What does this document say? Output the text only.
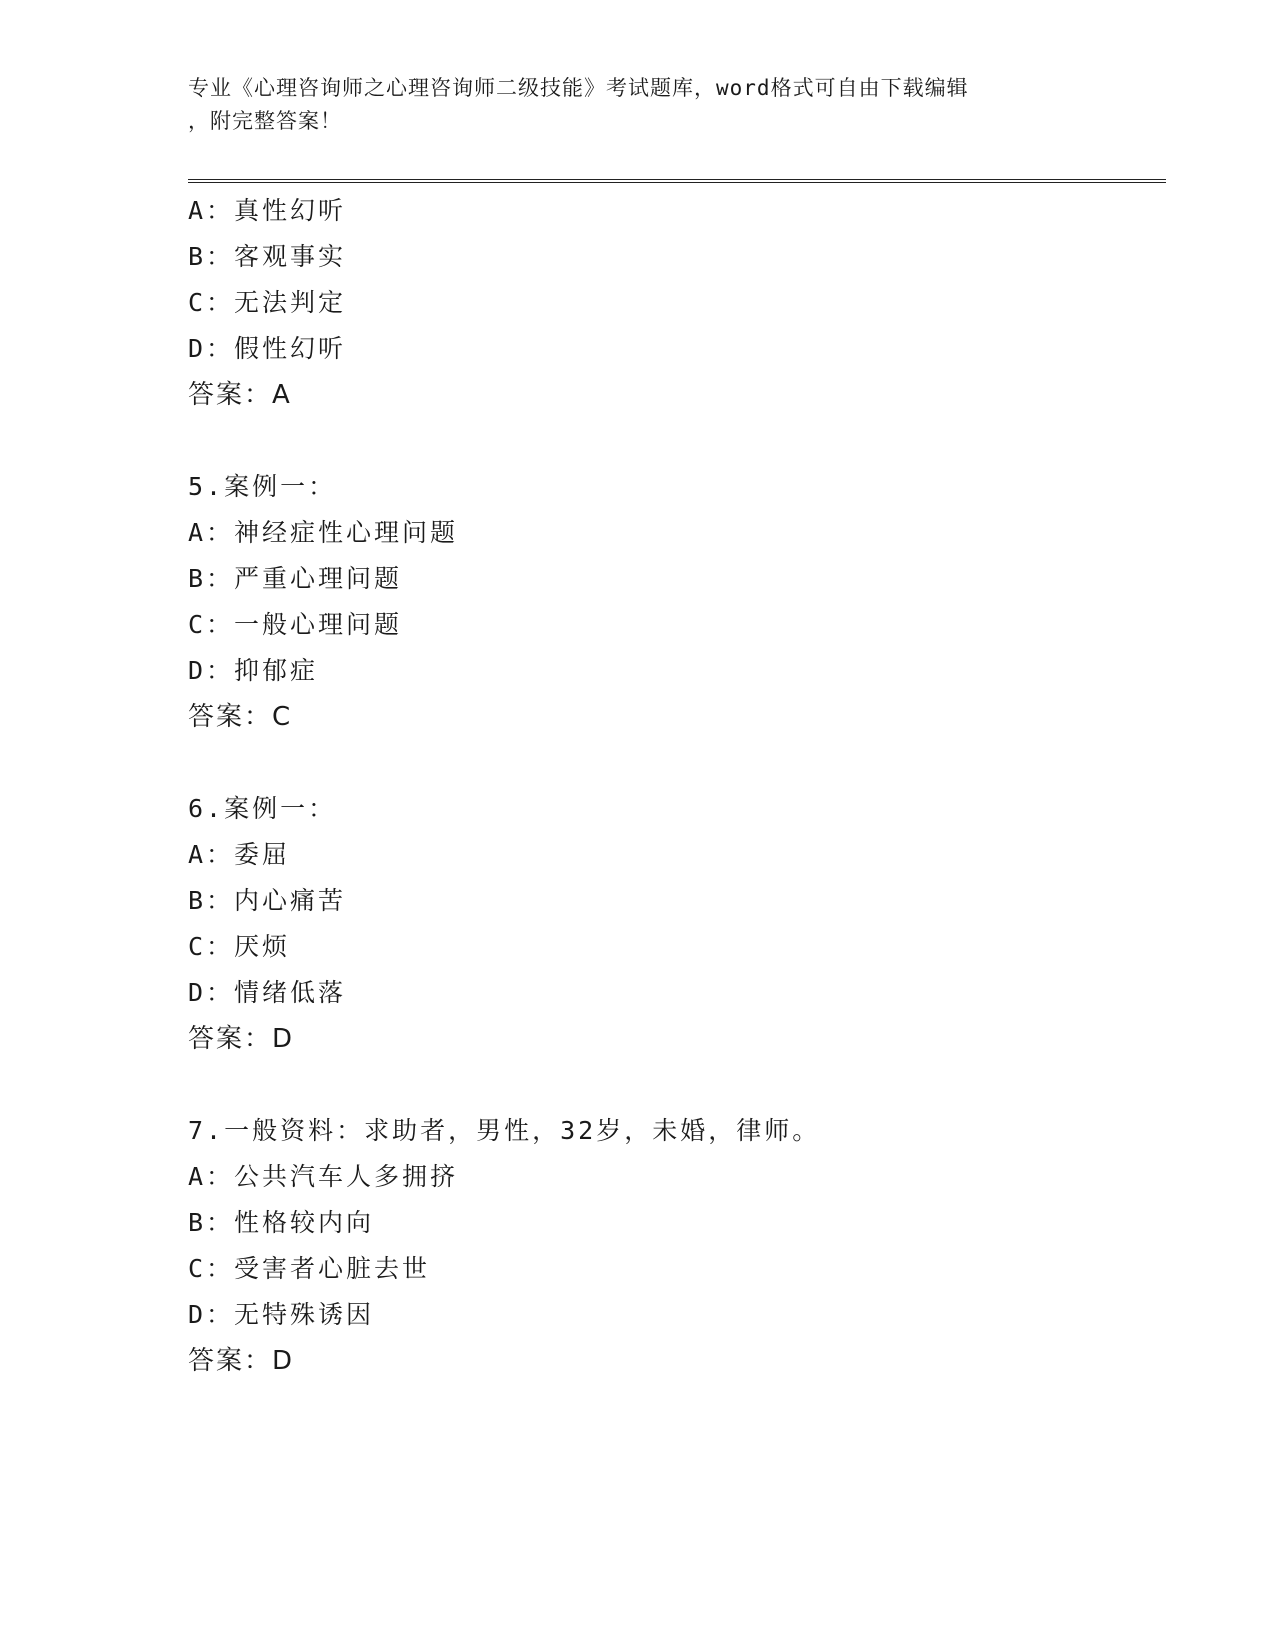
专业《心理咨询师之心理咨询师二级技能》考试题库，word格式可自由下载编辑
，附完整答案！
A：真性幻听
B：客观事实
C：无法判定
D：假性幻听
答案：A
5.案例一：
A：神经症性心理问题
B：严重心理问题
C：一般心理问题
D：抑郁症
答案：C
6.案例一：
A：委屈
B：内心痛苦
C：厌烦
D：情绪低落
答案：D
7.一般资料：求助者，男性，32岁，未婚，律师。
A：公共汽车人多拥挤
B：性格较内向
C：受害者心脏去世
D：无特殊诱因
答案：D
